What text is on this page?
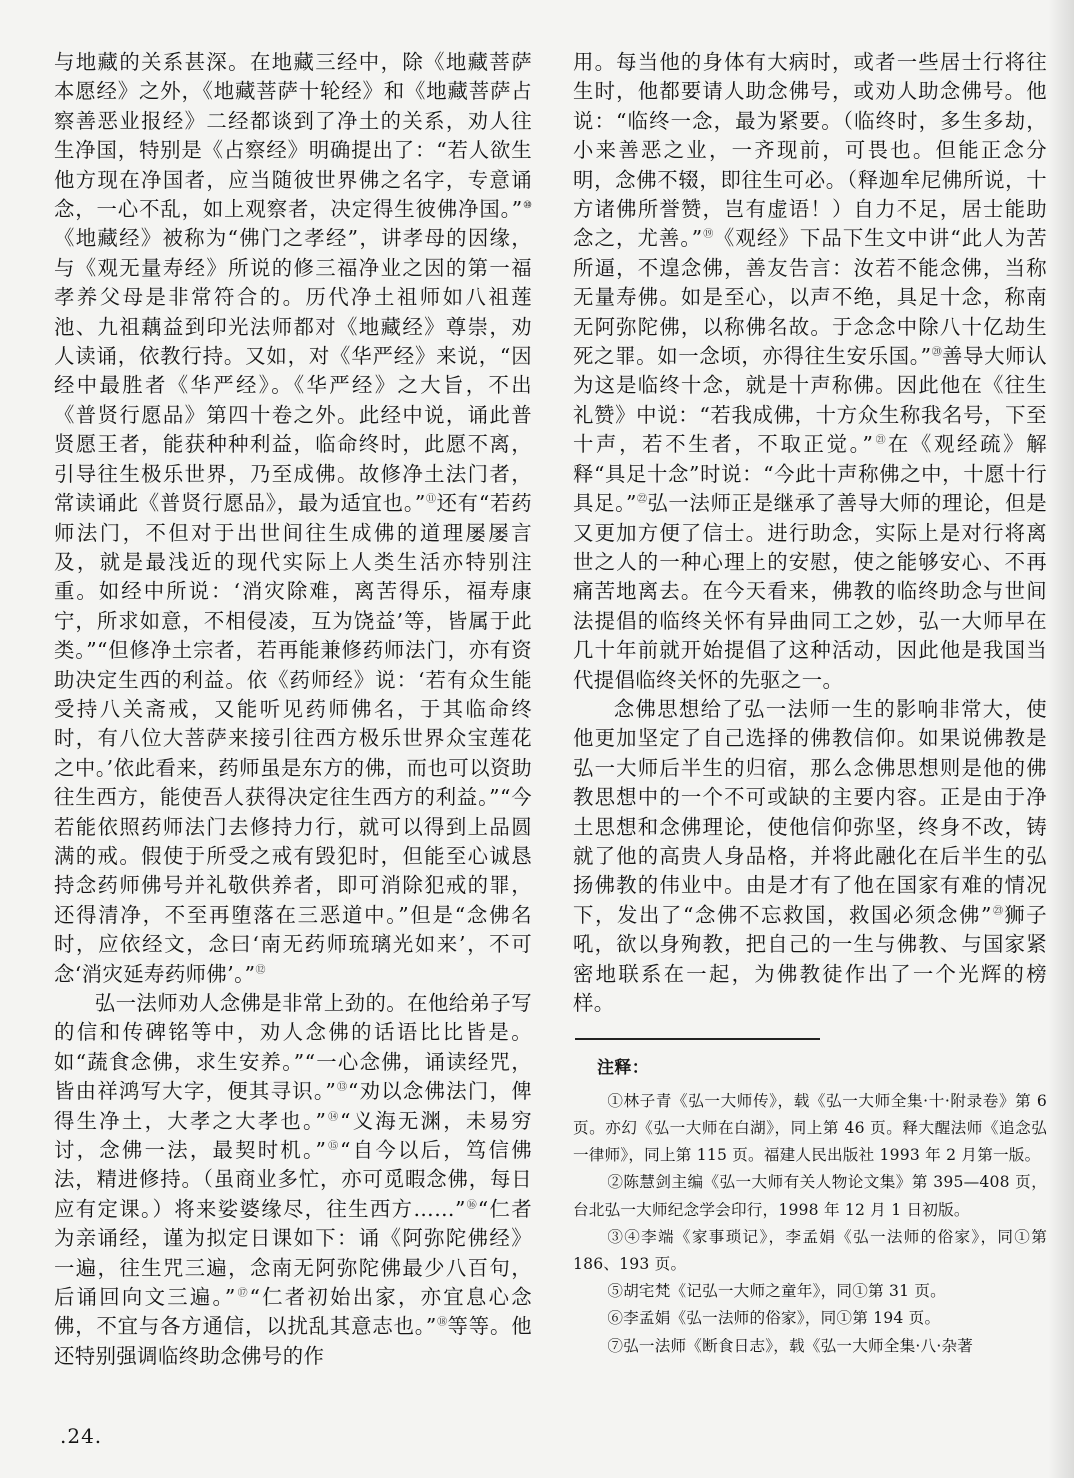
与地藏的关系甚深。在地藏三经中，除《地藏菩萨本愿经》之外，《地藏菩萨十轮经》和《地藏菩萨占察善恶业报经》二经都谈到了净土的关系，劝人往生净国，特别是《占察经》明确提出了：“若人欲生他方现在净国者，应当随彼世界佛之名字，专意诵念，一心不乱，如上观察者，决定得生彼佛净国。”⑩《地藏经》被称为“佛门之孝经”，讲孝母的因缘，与《观无量寿经》所说的修三福净业之因的第一福孝养父母是非常符合的。历代净土祖师如八祖莲池、九祖藕益到印光法师都对《地藏经》尊崇，劝人读诵，依教行持。又如，对《华严经》来说，“因经中最胜者《华严经》。《华严经》之大旨，不出《普贤行愿品》第四十卷之外。此经中说，诵此普贤愿王者，能获种种利益，临命终时，此愿不离，引导往生极乐世界，乃至成佛。故修净土法门者，常读诵此《普贤行愿品》，最为适宜也。”⑪还有“若药师法门，不但对于出世间往生成佛的道理屡屡言及，就是最浅近的现代实际上人类生活亦特别注重。如经中所说：‘消灾除难，离苦得乐，福寿康宁，所求如意，不相侵凌，互为饶益’等，皆属于此类。”“但修净土宗者，若再能兼修药师法门，亦有资助决定生西的利益。依《药师经》说：‘若有众生能受持八关斋戒，又能听见药师佛名，于其临命终时，有八位大菩萨来接引往西方极乐世界众宝莲花之中。’依此看来，药师虽是东方的佛，而也可以资助往生西方，能使吾人获得决定往生西方的利益。”“今若能依照药师法门去修持力行，就可以得到上品圆满的戒。假使于所受之戒有毁犯时，但能至心诚恳持念药师佛号并礼敬供养者，即可消除犯戒的罪，还得清净，不至再堕落在三恶道中。”但是“念佛名时，应依经文，念曰‘南无药师琉璃光如来’，不可念‘消灾延寿药师佛’。”⑫

弘一法师劝人念佛是非常上劲的。在他给弟子写的信和传碑铭等中，劝人念佛的话语比比皆是。如“蔬食念佛，求生安养。”“一心念佛，诵读经咒，皆由祥鸿写大字，便其寻识。”⑬“劝以念佛法门，俾得生净土，大孝之大孝也。”⑭“义海无渊，未易穷讨，念佛一法，最契时机。”⑮“自今以后，笃信佛法，精进修持。（虽商业多忙，亦可觅暇念佛，每日应有定课。）将来娑婆缘尽，往生西方……”⑯“仁者为亲诵经，谨为拟定日课如下：诵《阿弥陀佛经》一遍，往生咒三遍，念南无阿弥陀佛最少八百句，后诵回向文三遍。”⑰“仁者初始出家，亦宜息心念佛，不宜与各方通信，以扰乱其意志也。”⑱等等。他还特别强调临终助念佛号的作

用。每当他的身体有大病时，或者一些居士行将往生时，他都要请人助念佛号，或劝人助念佛号。他说：“临终一念，最为紧要。（临终时，多生多劫，小来善恶之业，一齐现前，可畏也。但能正念分明，念佛不辍，即往生可必。（释迦牟尼佛所说，十方诸佛所誉赞，岂有虚语！）自力不足，居士能助念之，尤善。”⑲《观经》下品下生文中讲“此人为苦所逼，不遑念佛，善友告言：汝若不能念佛，当称无量寿佛。如是至心，以声不绝，具足十念，称南无阿弥陀佛，以称佛名故。于念念中除八十亿劫生死之罪。如一念顷，亦得往生安乐国。”⑳善导大师认为这是临终十念，就是十声称佛。因此他在《往生礼赞》中说：“若我成佛，十方众生称我名号，下至十声，若不生者，不取正觉。”$^㉑$在《观经疏》解释“具足十念”时说：“今此十声称佛之中，十愿十行具足。”$^㉒$弘一法师正是继承了善导大师的理论，但是又更加方便了信士。进行助念，实际上是对行将离世之人的一种心理上的安慰，使之能够安心、不再痛苦地离去。在今天看来，佛教的临终助念与世间法提倡的临终关怀有异曲同工之妙，弘一大师早在几十年前就开始提倡了这种活动，因此他是我国当代提倡临终关怀的先驱之一。

念佛思想给了弘一法师一生的影响非常大，使他更加坚定了自己选择的佛教信仰。如果说佛教是弘一大师后半生的归宿，那么念佛思想则是他的佛教思想中的一个不可或缺的主要内容。正是由于净土思想和念佛理论，使他信仰弥坚，终身不改，铸就了他的高贵人身品格，并将此融化在后半生的弘扬佛教的伟业中。由是才有了他在国家有难的情况下，发出了“念佛不忘救国，救国必须念佛”$^㉓$狮子吼，欲以身殉教，把自己的一生与佛教、与国家紧密地联系在一起，为佛教徒作出了一个光辉的榜样。

注释：

①林子青《弘一大师传》，载《弘一大师全集·十·附录卷》第 6 页。亦幻《弘一大师在白湖》，同上第 46 页。释大醒法师《追念弘一律师》，同上第 115 页。福建人民出版社 1993 年 2 月第一版。

②陈慧剑主编《弘一大师有关人物论文集》第 395—408 页，台北弘一大师纪念学会印行，1998 年 12 月 1 日初版。

③④李端《家事琐记》，李孟娟《弘一法师的俗家》，同①第 186、193 页。

⑤胡宅梵《记弘一大师之童年》，同①第 31 页。

⑥李孟娟《弘一法师的俗家》，同①第 194 页。

⑦弘一法师《断食日志》，载《弘一大师全集·八·杂著

.24.
